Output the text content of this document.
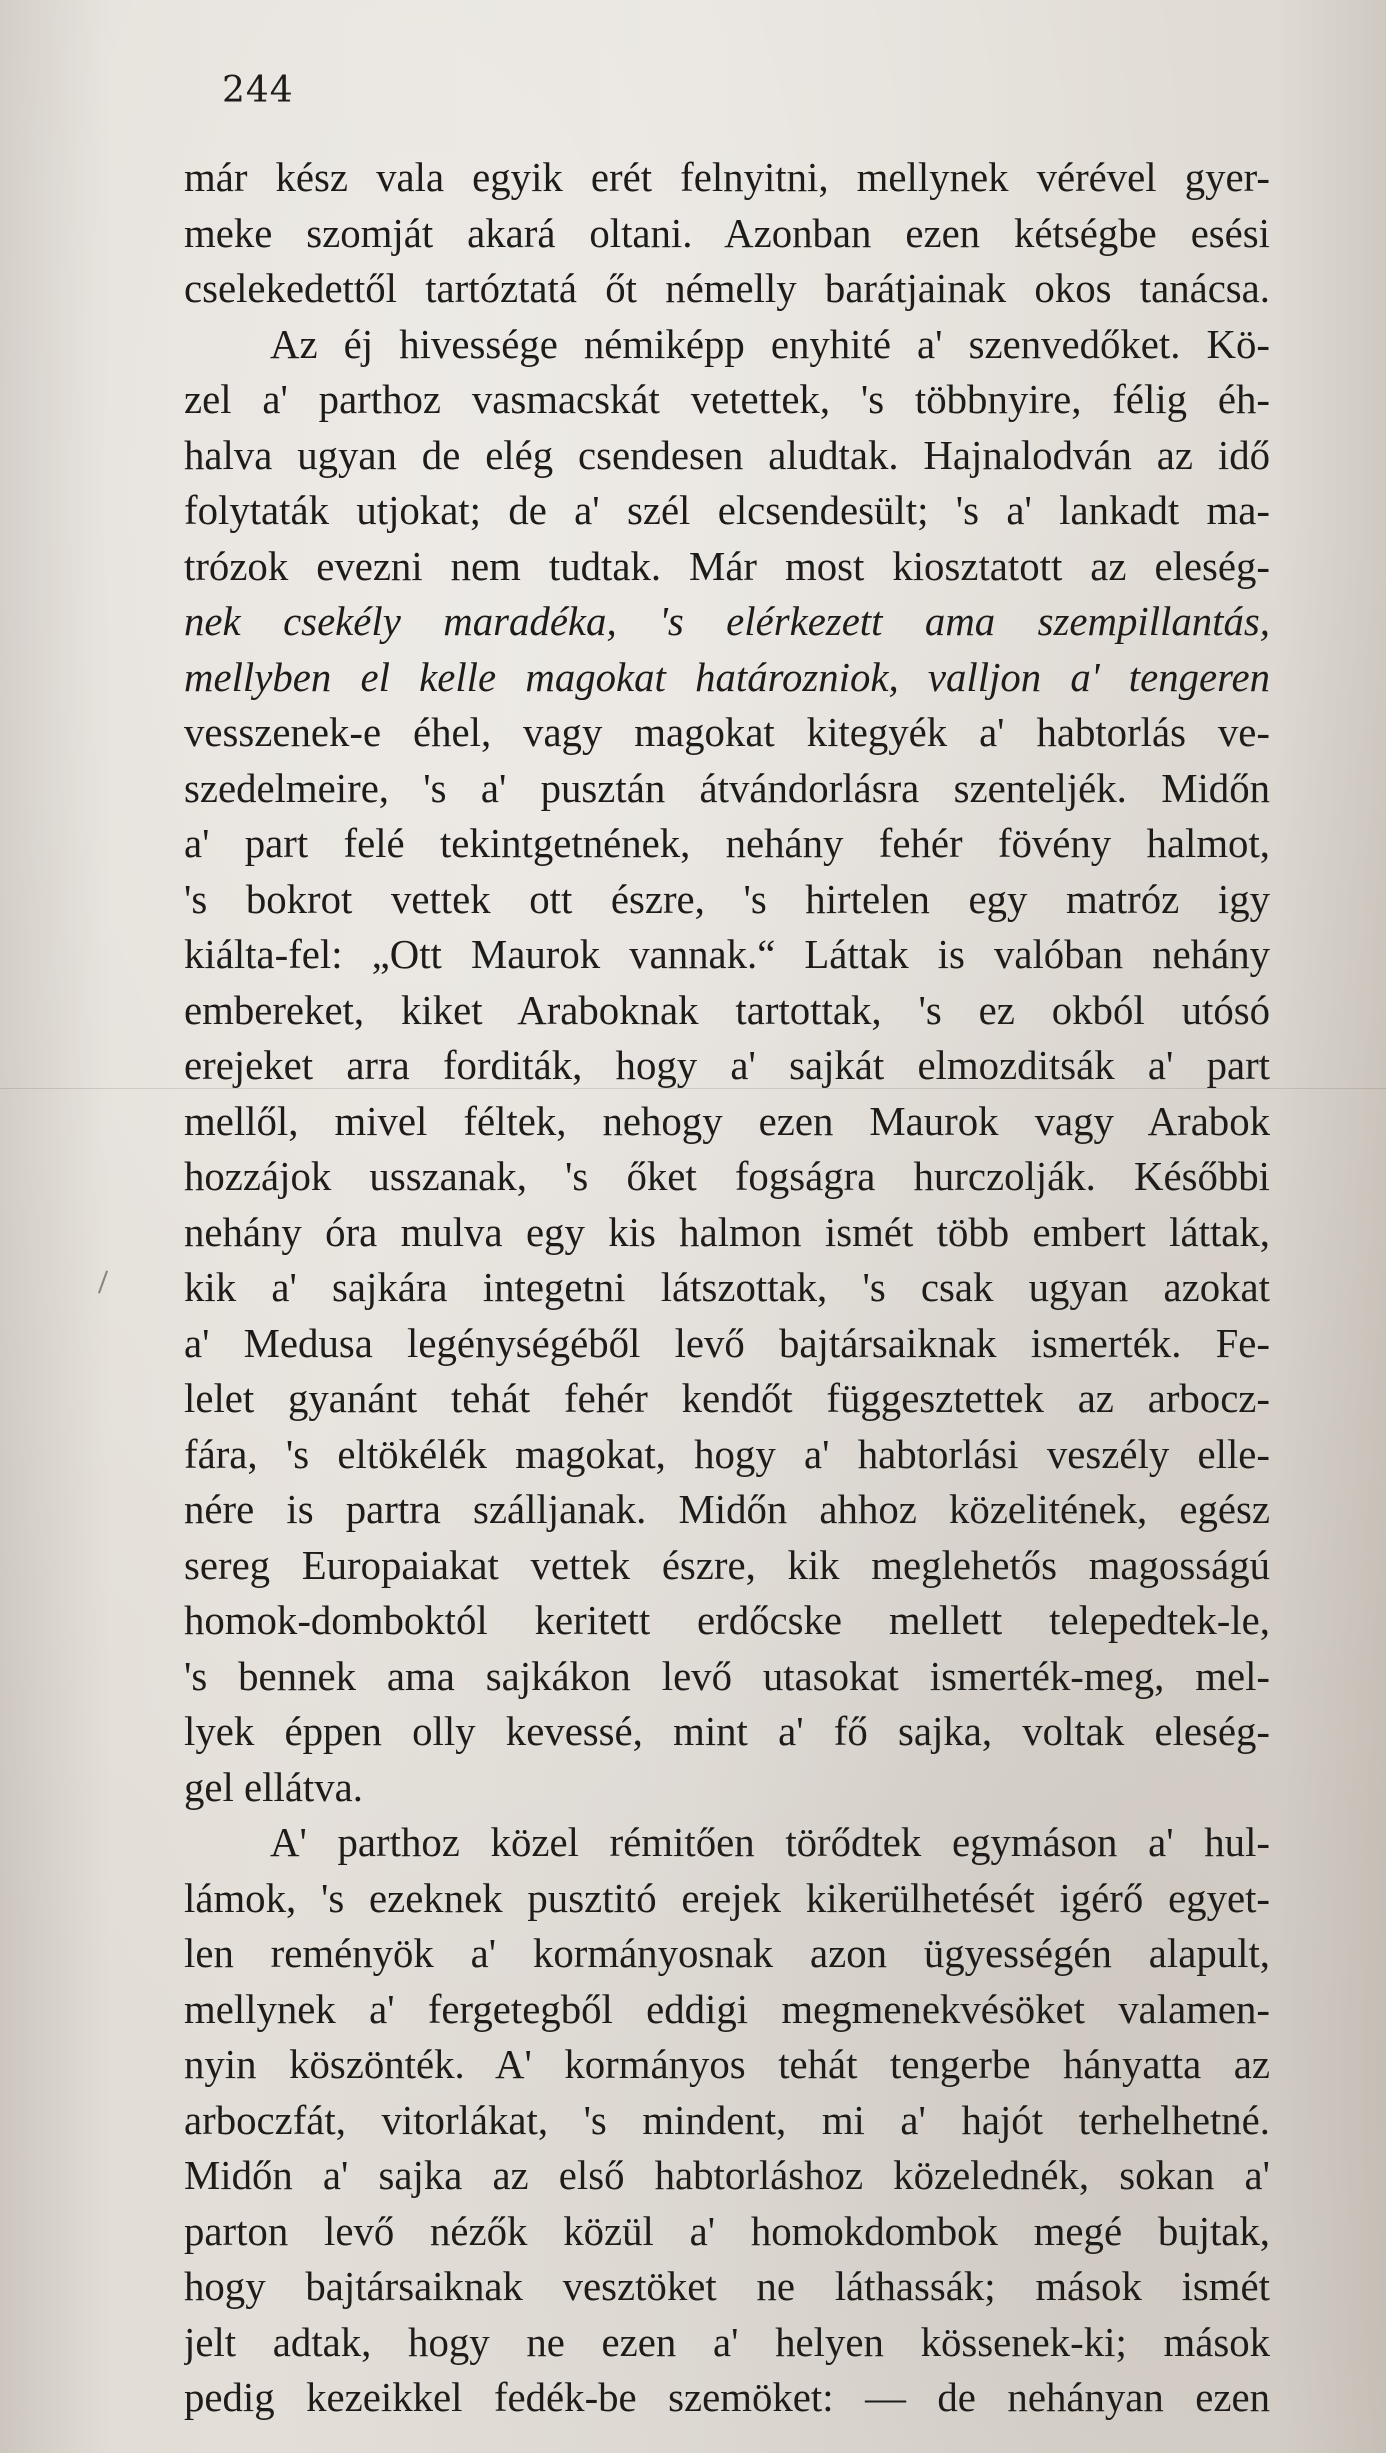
244
már kész vala egyik erét felnyitni, mellynek vérével gyer-
meke szomját akará oltani. Azonban ezen kétségbe esési
cselekedettől tartóztatá őt némelly barátjainak okos tanácsa.
Az éj hivessége némiképp enyhité a' szenvedőket. Kö-
zel a' parthoz vasmacskát vetettek, 's többnyire, félig éh-
halva ugyan de elég csendesen aludtak. Hajnalodván az idő
folytaták utjokat; de a' szél elcsendesült; 's a' lankadt ma-
trózok evezni nem tudtak. Már most kiosztatott az eleség-
nek csekély maradéka, 's elérkezett ama szempillantás,
mellyben el kelle magokat határozniok, valljon a' tengeren
vesszenek-e éhel, vagy magokat kitegyék a' habtorlás ve-
szedelmeire, 's a' pusztán átvándorlásra szenteljék. Midőn
a' part felé tekintgetnének, nehány fehér fövény halmot,
's bokrot vettek ott észre, 's hirtelen egy matróz igy
kiálta-fel: „Ott Maurok vannak.“ Láttak is valóban nehány
embereket, kiket Araboknak tartottak, 's ez okból utósó
erejeket arra forditák, hogy a' sajkát elmozditsák a' part
mellől, mivel féltek, nehogy ezen Maurok vagy Arabok
hozzájok usszanak, 's őket fogságra hurczolják. Későbbi
nehány óra mulva egy kis halmon ismét több embert láttak,
kik a' sajkára integetni látszottak, 's csak ugyan azokat
a' Medusa legénységéből levő bajtársaiknak ismerték. Fe-
lelet gyanánt tehát fehér kendőt függesztettek az arbocz-
fára, 's eltökélék magokat, hogy a' habtorlási veszély elle-
nére is partra szálljanak. Midőn ahhoz közelitének, egész
sereg Europaiakat vettek észre, kik meglehetős magosságú
homok-domboktól keritett erdőcske mellett telepedtek-le,
's bennek ama sajkákon levő utasokat ismerték-meg, mel-
lyek éppen olly kevessé, mint a' fő sajka, voltak eleség-
gel ellátva.
A' parthoz közel rémitően törődtek egymáson a' hul-
lámok, 's ezeknek pusztitó erejek kikerülhetését igérő egyet-
len reményök a' kormányosnak azon ügyességén alapult,
mellynek a' fergetegből eddigi megmenekvésöket valamen-
nyin köszönték. A' kormányos tehát tengerbe hányatta az
arboczfát, vitorlákat, 's mindent, mi a' hajót terhelhetné.
Midőn a' sajka az első habtorláshoz közelednék, sokan a'
parton levő nézők közül a' homokdombok megé bujtak,
hogy bajtársaiknak vesztöket ne láthassák; mások ismét
jelt adtak, hogy ne ezen a' helyen kössenek-ki; mások
pedig kezeikkel fedék-be szemöket: — de nehányan ezen
